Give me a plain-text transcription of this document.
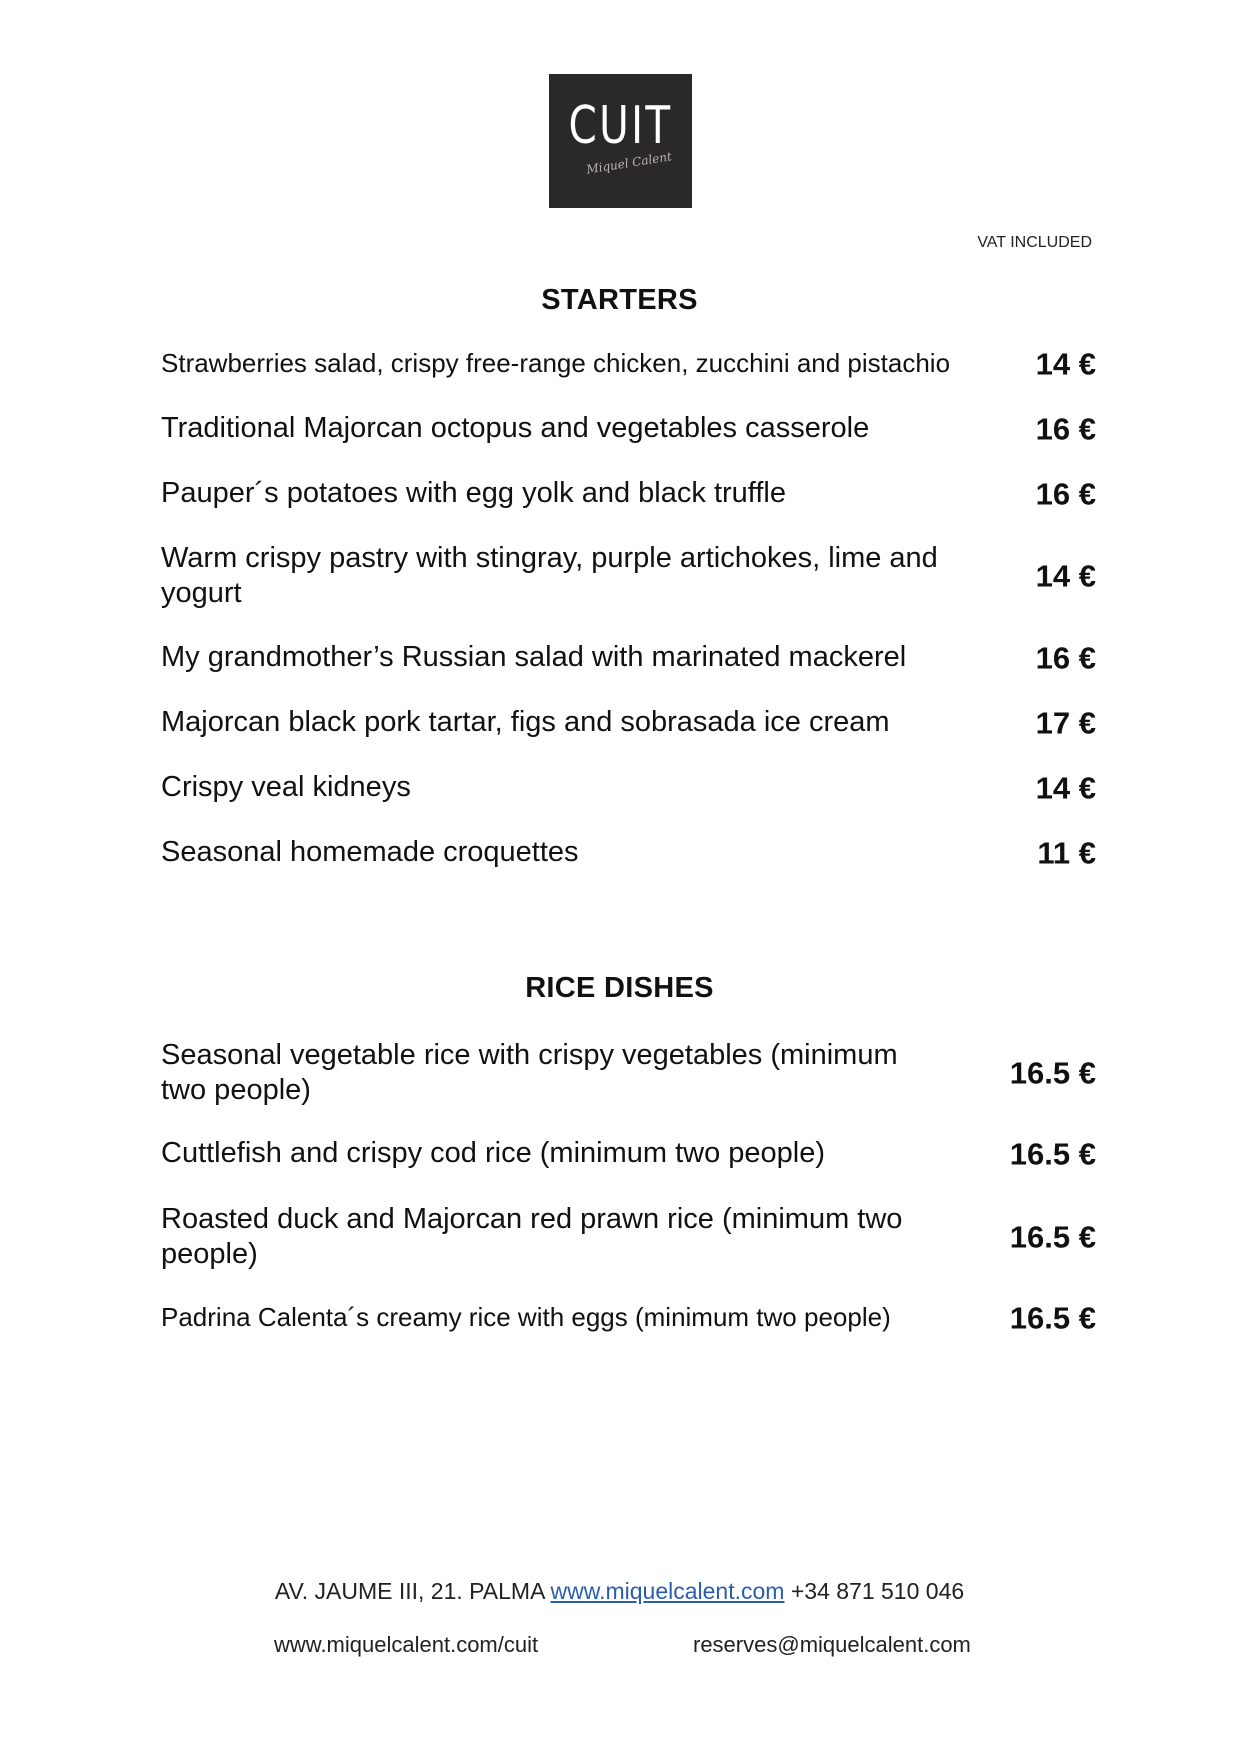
CUIT
Miquel Calent
VAT INCLUDED
STARTERS
Strawberries salad, crispy free-range chicken, zucchini and pistachio	14 €
Traditional Majorcan octopus and vegetables casserole	16 €
Pauper´s potatoes with egg yolk and black truffle	16 €
Warm crispy pastry with stingray, purple artichokes, lime and yogurt	14 €
My grandmother’s Russian salad with marinated mackerel	16 €
Majorcan black pork tartar, figs and sobrasada ice cream	17 €
Crispy veal kidneys	14 €
Seasonal homemade croquettes	11 €
RICE DISHES
Seasonal vegetable rice with crispy vegetables (minimum two people)	16.5 €
Cuttlefish and crispy cod rice (minimum two people)	16.5 €
Roasted duck and Majorcan red prawn rice (minimum two people)	16.5 €
Padrina Calenta´s creamy rice with eggs (minimum two people)	16.5 €
AV. JAUME III, 21. PALMA www.miquelcalent.com +34 871 510 046
www.miquelcalent.com/cuit	reserves@miquelcalent.com
